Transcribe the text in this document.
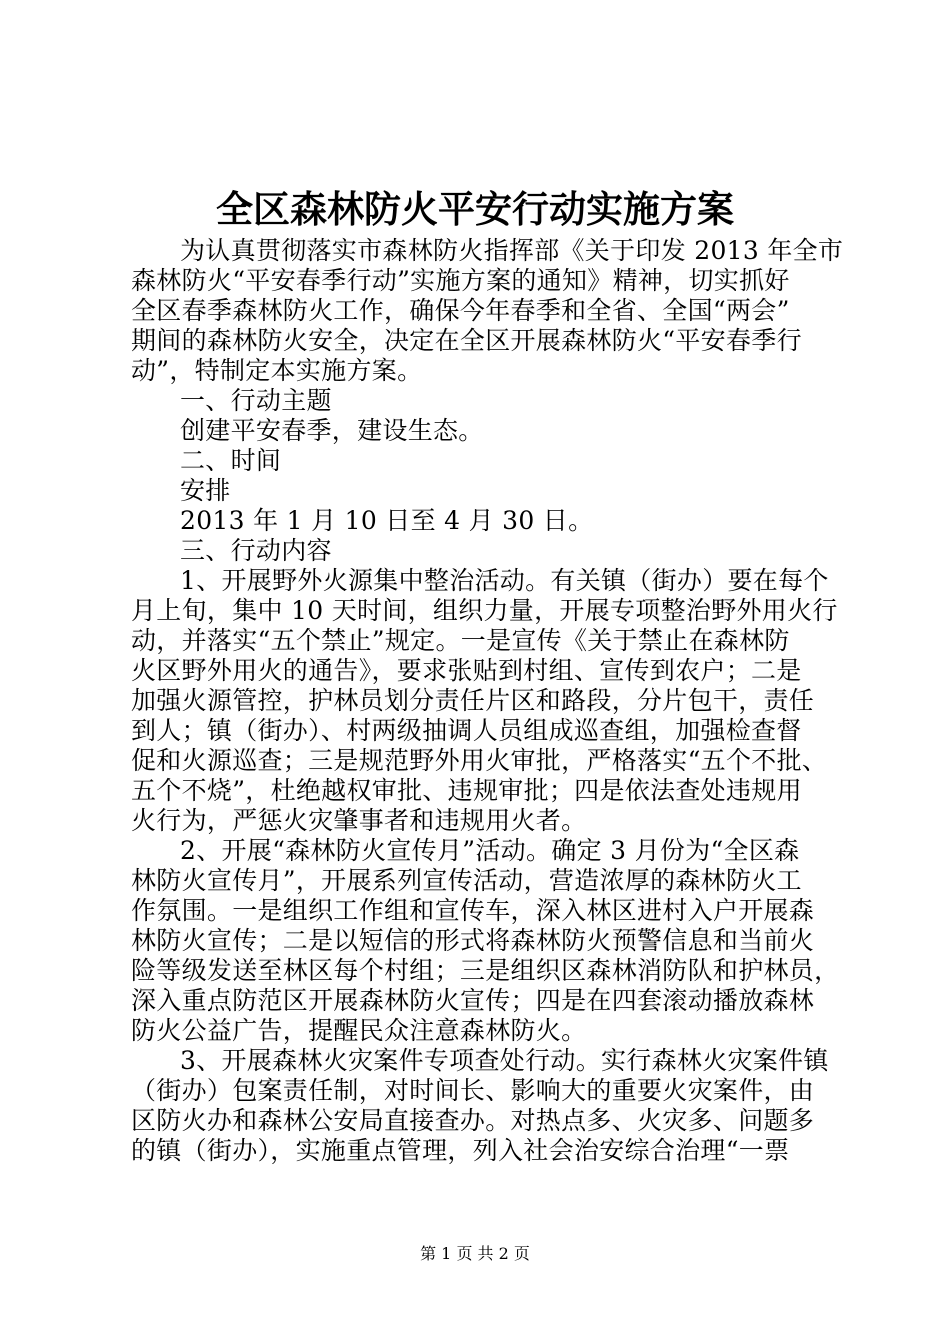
全区森林防火平安行动实施方案
为认真贯彻落实市森林防火指挥部《关于印发 2013 年全市
森林防火“平安春季行动”实施方案的通知》精神，切实抓好
全区春季森林防火工作，确保今年春季和全省、全国“两会”
期间的森林防火安全，决定在全区开展森林防火“平安春季行
动”，特制定本实施方案。
一、行动主题
创建平安春季，建设生态。
二、时间
安排
2013 年 1 月 10 日至 4 月 30 日。
三、行动内容
1、开展野外火源集中整治活动。有关镇（街办）要在每个
月上旬，集中 10 天时间，组织力量，开展专项整治野外用火行
动，并落实“五个禁止”规定。一是宣传《关于禁止在森林防
火区野外用火的通告》，要求张贴到村组、宣传到农户；二是
加强火源管控，护林员划分责任片区和路段，分片包干，责任
到人；镇（街办）、村两级抽调人员组成巡查组，加强检查督
促和火源巡查；三是规范野外用火审批，严格落实“五个不批、
五个不烧”，杜绝越权审批、违规审批；四是依法查处违规用
火行为，严惩火灾肇事者和违规用火者。
2、开展“森林防火宣传月”活动。确定 3 月份为“全区森
林防火宣传月”，开展系列宣传活动，营造浓厚的森林防火工
作氛围。一是组织工作组和宣传车，深入林区进村入户开展森
林防火宣传；二是以短信的形式将森林防火预警信息和当前火
险等级发送至林区每个村组；三是组织区森林消防队和护林员，
深入重点防范区开展森林防火宣传；四是在四套滚动播放森林
防火公益广告，提醒民众注意森林防火。
3、开展森林火灾案件专项查处行动。实行森林火灾案件镇
（街办）包案责任制，对时间长、影响大的重要火灾案件，由
区防火办和森林公安局直接查办。对热点多、火灾多、问题多
的镇（街办），实施重点管理，列入社会治安综合治理“一票
第 1 页 共 2 页
